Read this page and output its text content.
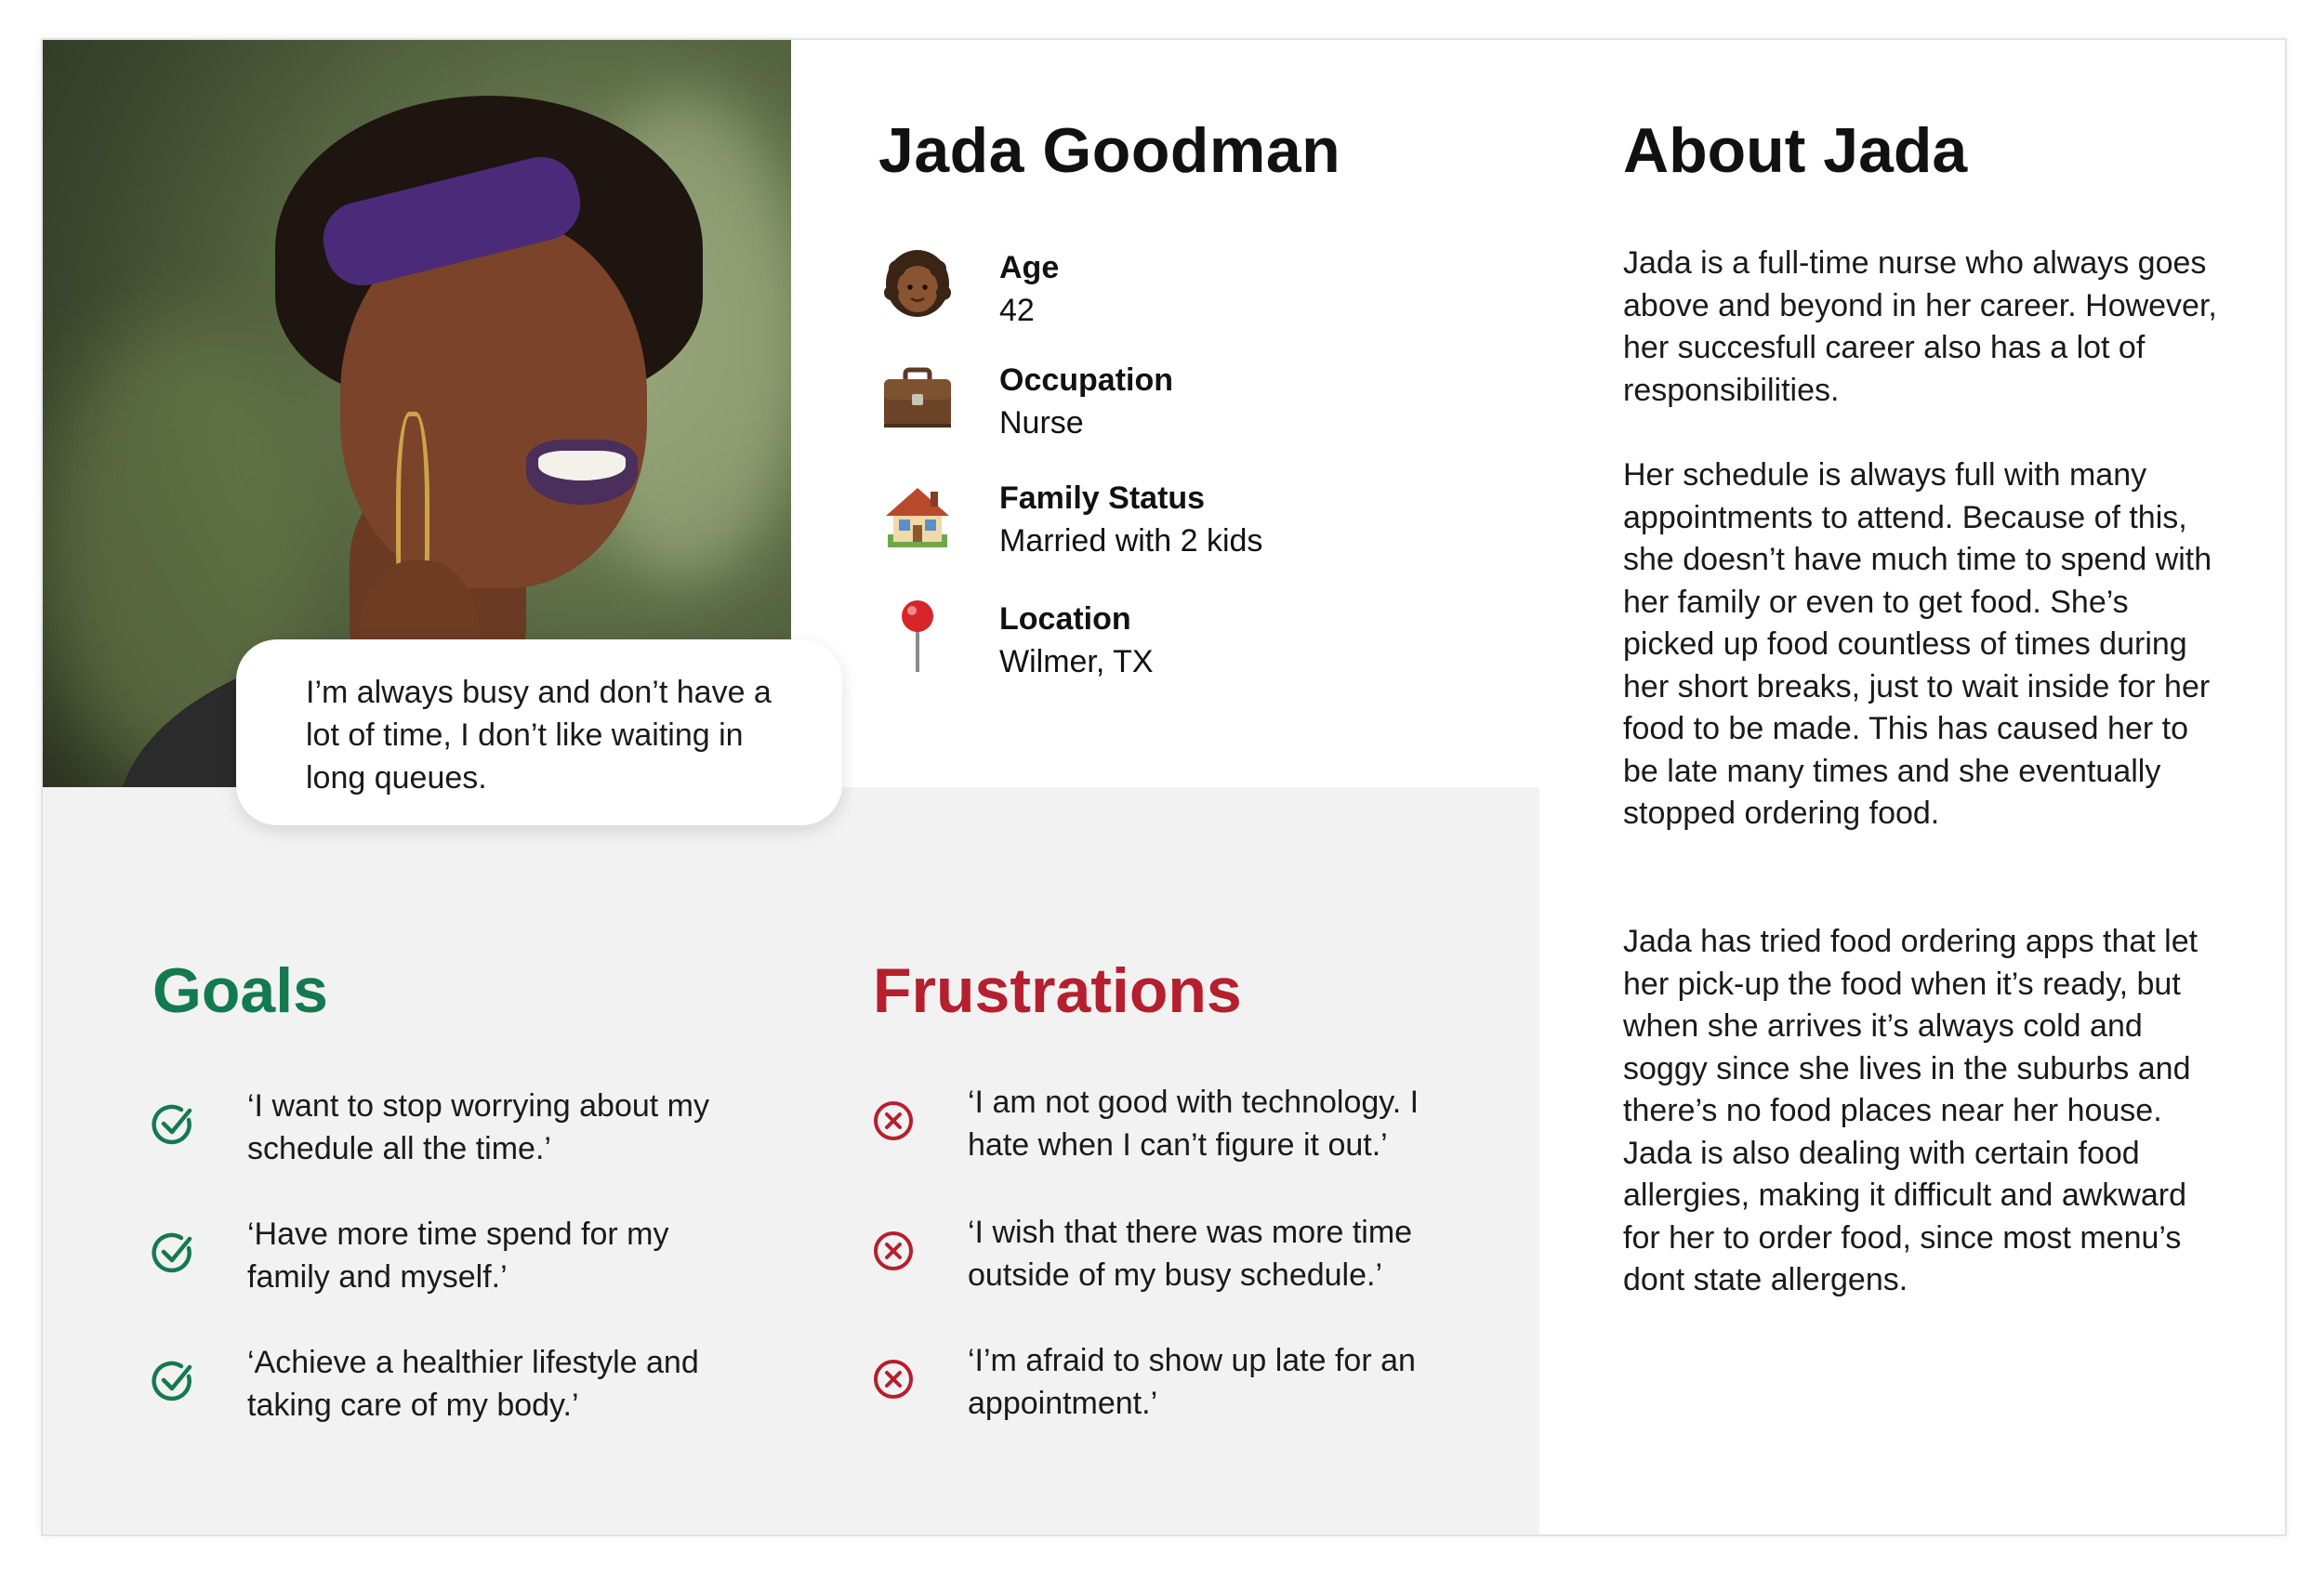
Jada Goodman
Age
42
Occupation
Nurse
Family Status
Married with 2 kids
Location
Wilmer, TX

I’m always busy and don’t have a lot of time, I don’t like waiting in long queues.

Goals
‘I want to stop worrying about my schedule all the time.’
‘Have more time spend for my family and myself.’
‘Achieve a healthier lifestyle and taking care of my body.’
Frustrations
‘I am not good with technology. I hate when I can’t figure it out.’
‘I wish that there was more time outside of my busy schedule.’
‘I’m afraid to show up late for an appointment.’
About Jada

Jada is a full-time nurse who always goes above and beyond in her career. However, her succesfull career also has a lot of responsibilities.

Her schedule is always full with many appointments to attend. Because of this, she doesn’t have much time to spend with her family or even to get food. She’s picked up food countless of times during her short breaks, just to wait inside for her food to be made. This has caused her to be late many times and she eventually stopped ordering food.

Jada has tried food ordering apps that let her pick-up the food when it’s ready, but when she arrives it’s always cold and soggy since she lives in the suburbs and there’s no food places near her house. Jada is also dealing with certain food allergies, making it difficult and awkward for her to order food, since most menu’s dont state allergens.
